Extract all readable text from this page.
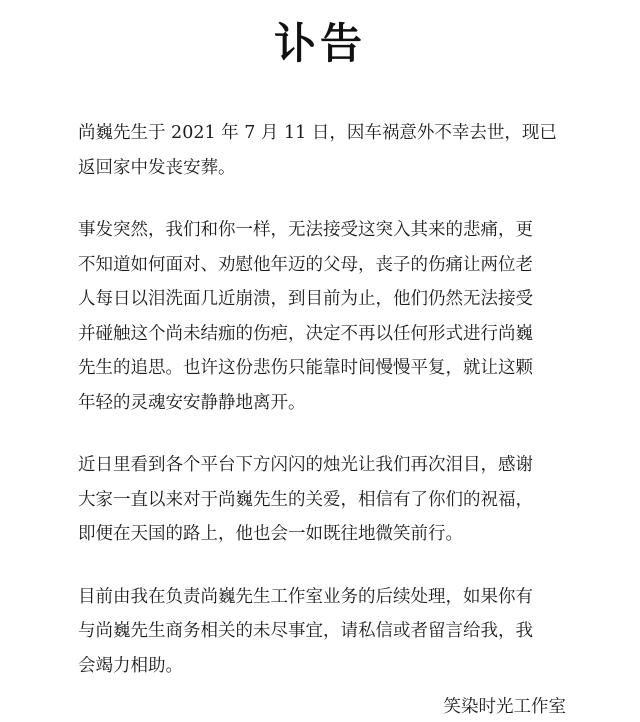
讣告

尚巍先生于 2021 年 7 月 11 日，因车祸意外不幸去世，现已
返回家中发丧安葬。

事发突然，我们和你一样，无法接受这突入其来的悲痛，更
不知道如何面对、劝慰他年迈的父母，丧子的伤痛让两位老
人每日以泪洗面几近崩溃，到目前为止，他们仍然无法接受
并碰触这个尚未结痂的伤疤，决定不再以任何形式进行尚巍
先生的追思。也许这份悲伤只能靠时间慢慢平复，就让这颗
年轻的灵魂安安静静地离开。

近日里看到各个平台下方闪闪的烛光让我们再次泪目，感谢
大家一直以来对于尚巍先生的关爱，相信有了你们的祝福，
即便在天国的路上，他也会一如既往地微笑前行。

目前由我在负责尚巍先生工作室业务的后续处理，如果你有
与尚巍先生商务相关的未尽事宜，请私信或者留言给我，我
会竭力相助。

笑染时光工作室
